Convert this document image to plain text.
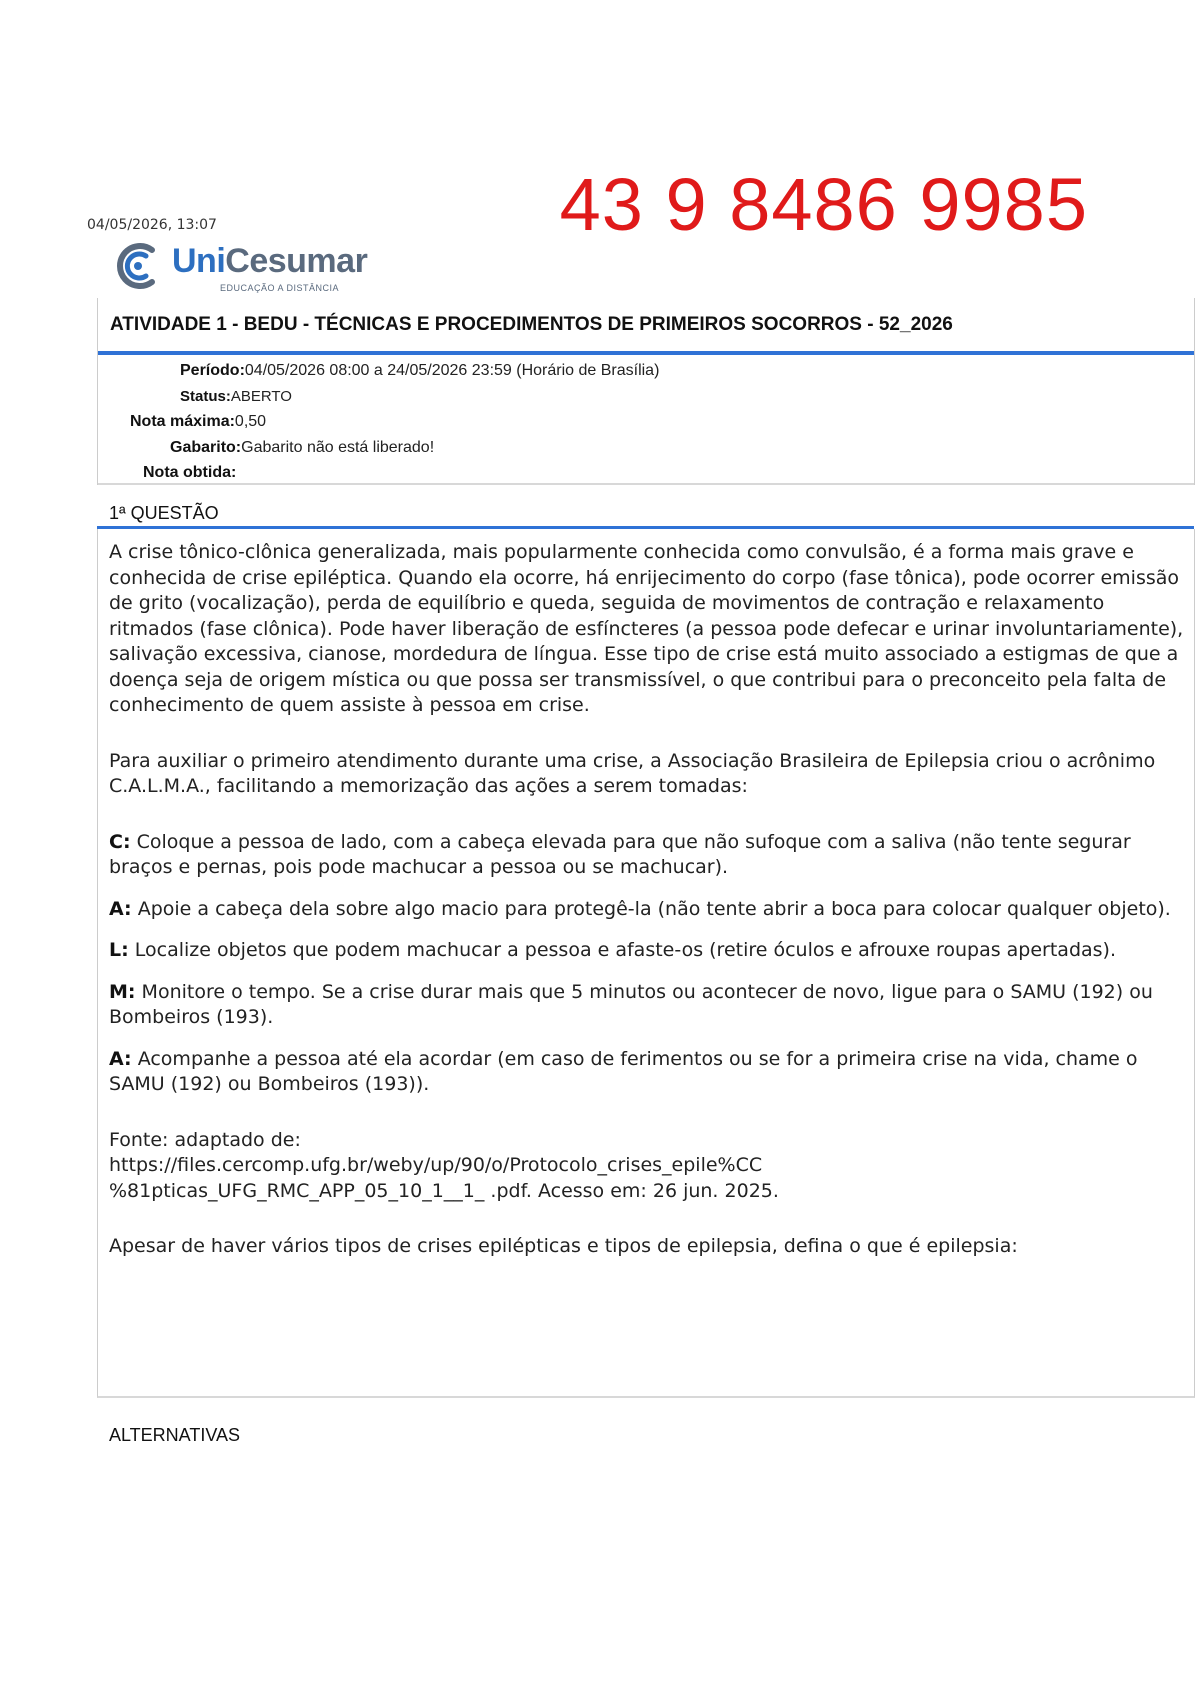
04/05/2026, 13:07	43 9 8486 9985
UniCesumar
EDUCAÇÃO A DISTÂNCIA
ATIVIDADE 1 - BEDU - TÉCNICAS E PROCEDIMENTOS DE PRIMEIROS SOCORROS - 52_2026
Período:04/05/2026 08:00 a 24/05/2026 23:59 (Horário de Brasília)
Status:ABERTO
Nota máxima:0,50
Gabarito:Gabarito não está liberado!
Nota obtida:
1ª QUESTÃO

A crise tônico-clônica generalizada, mais popularmente conhecida como convulsão, é a forma mais grave e conhecida de crise epiléptica. Quando ela ocorre, há enrijecimento do corpo (fase tônica), pode ocorrer emissão de grito (vocalização), perda de equilíbrio e queda, seguida de movimentos de contração e relaxamento ritmados (fase clônica). Pode haver liberação de esfíncteres (a pessoa pode defecar e urinar involuntariamente), salivação excessiva, cianose, mordedura de língua. Esse tipo de crise está muito associado a estigmas de que a doença seja de origem mística ou que possa ser transmissível, o que contribui para o preconceito pela falta de conhecimento de quem assiste à pessoa em crise.

Para auxiliar o primeiro atendimento durante uma crise, a Associação Brasileira de Epilepsia criou o acrônimo C.A.L.M.A., facilitando a memorização das ações a serem tomadas:

C: Coloque a pessoa de lado, com a cabeça elevada para que não sufoque com a saliva (não tente segurar braços e pernas, pois pode machucar a pessoa ou se machucar).

A: Apoie a cabeça dela sobre algo macio para protegê-la (não tente abrir a boca para colocar qualquer objeto).

L: Localize objetos que podem machucar a pessoa e afaste-os (retire óculos e afrouxe roupas apertadas).

M: Monitore o tempo. Se a crise durar mais que 5 minutos ou acontecer de novo, ligue para o SAMU (192) ou Bombeiros (193).

A: Acompanhe a pessoa até ela acordar (em caso de ferimentos ou se for a primeira crise na vida, chame o SAMU (192) ou Bombeiros (193)).

Fonte: adaptado de:

https://files.cercomp.ufg.br/weby/up/90/o/Protocolo_crises_epile%CC

%81pticas_UFG_RMC_APP_05_10_1__1_ .pdf. Acesso em: 26 jun. 2025.

Apesar de haver vários tipos de crises epilépticas e tipos de epilepsia, defina o que é epilepsia:

ALTERNATIVAS
